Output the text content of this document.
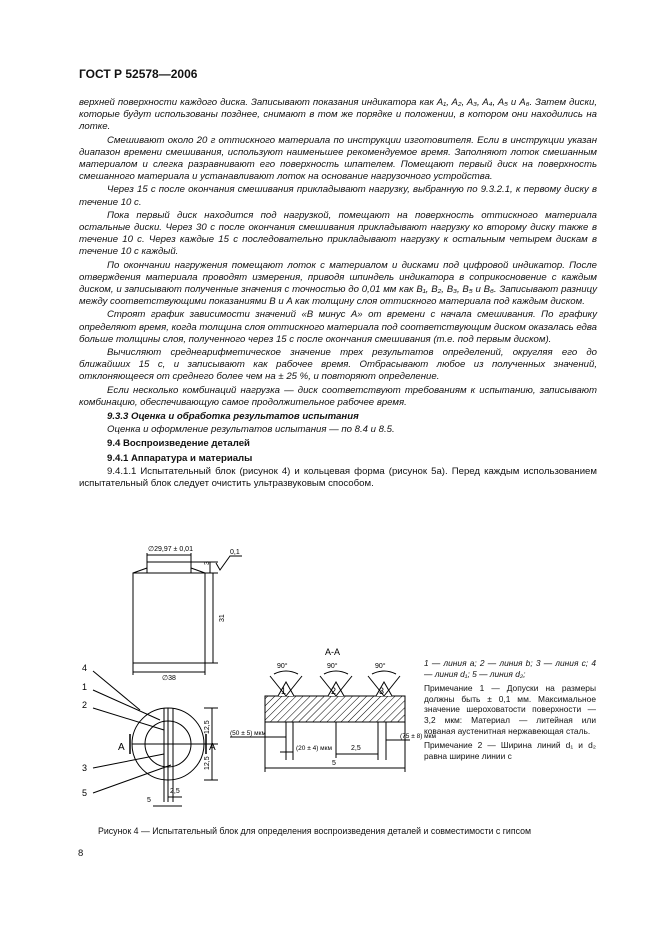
ГОСТ Р 52578—2006

верхней поверхности каждого диска. Записывают показания индикатора как A₁, A₂, A₃, A₄, A₅ и A₆. Затем диски, которые будут использованы позднее, снимают в том же порядке и положении, в котором они находились на лотке.

Смешивают около 20 г оттискного материала по инструкции изготовителя. Если в инструкции указан диапазон времени смешивания, используют наименьшее рекомендуемое время. Заполняют лоток смешанным материалом и слегка разравнивают его поверхность шпателем. Помещают первый диск на поверхность смешанного материала и устанавливают лоток на основание нагрузочного устройства.

Через 15 с после окончания смешивания прикладывают нагрузку, выбранную по 9.3.2.1, к первому диску в течение 10 с.

Пока первый диск находится под нагрузкой, помещают на поверхность оттискного материала остальные диски. Через 30 с после окончания смешивания прикладывают нагрузку ко второму диску также в течение 10 с. Через каждые 15 с последовательно прикладывают нагрузку к остальным четырем дискам в течение 10 с каждый.

По окончании нагружения помещают лоток с материалом и дисками под цифровой индикатор. После отверждения материала проводят измерения, приводя шпиндель индикатора в соприкосновение с каждым диском, и записывают полученные значения с точностью до 0,01 мм как B₁, B₂, B₃, B₅ и B₆. Записывают разницу между соответствующими показаниями B и A как толщину слоя оттискного материала под каждым диском.

Строят график зависимости значений «B минус A» от времени с начала смешивания. По графику определяют время, когда толщина слоя оттискного материала под соответствующим диском оказалась едва больше толщины слоя, полученного через 15 с после окончания смешивания (т.е. под первым диском).

Вычисляют среднеарифметическое значение трех результатов определений, округляя его до ближайших 15 с, и записывают как рабочее время. Отбрасывают любое из полученных значений, отклоняющееся от среднего более чем на ± 25 %, и повторяют определение.

Если несколько комбинаций нагрузка — диск соответствуют требованиям к испытанию, записывают комбинацию, обеспечивающую самое продолжительное рабочее время.

9.3.3 Оценка и обработка результатов испытания

Оценка и оформление результатов испытания — по 8.4 и 8.5.

9.4 Воспроизведение деталей

9.4.1 Аппаратура и материалы

9.4.1.1 Испытательный блок (рисунок 4) и кольцевая форма (рисунок 5а). Перед каждым использованием испытательный блок следует очистить ультразвуковым способом.

∅29,97 ± 0,01
∅38
31
3
0,1
А-А
90°	90°	90°
1	2	3
4
1
2
3
5
12,5
12,5
2,5
5
2,5
5
(50 ± 5) мкм
(20 ± 4) мкм
(75 ± 8) мкм
А	А

1 — линия a; 2 — линия b; 3 — линия c; 4 — линия d₁; 5 — линия d₂;

Примечание 1 — Допуски на размеры должны быть ± 0,1 мм. Максимальное значение шероховатости поверхности — 3,2 мкм: Материал — литейная или кованая аустенитная нержавеющая сталь.

Примечание 2 — Ширина линий d₁ и d₂ равна ширине линии c

Рисунок 4 — Испытательный блок для определения воспроизведения деталей и совместимости с гипсом
8
